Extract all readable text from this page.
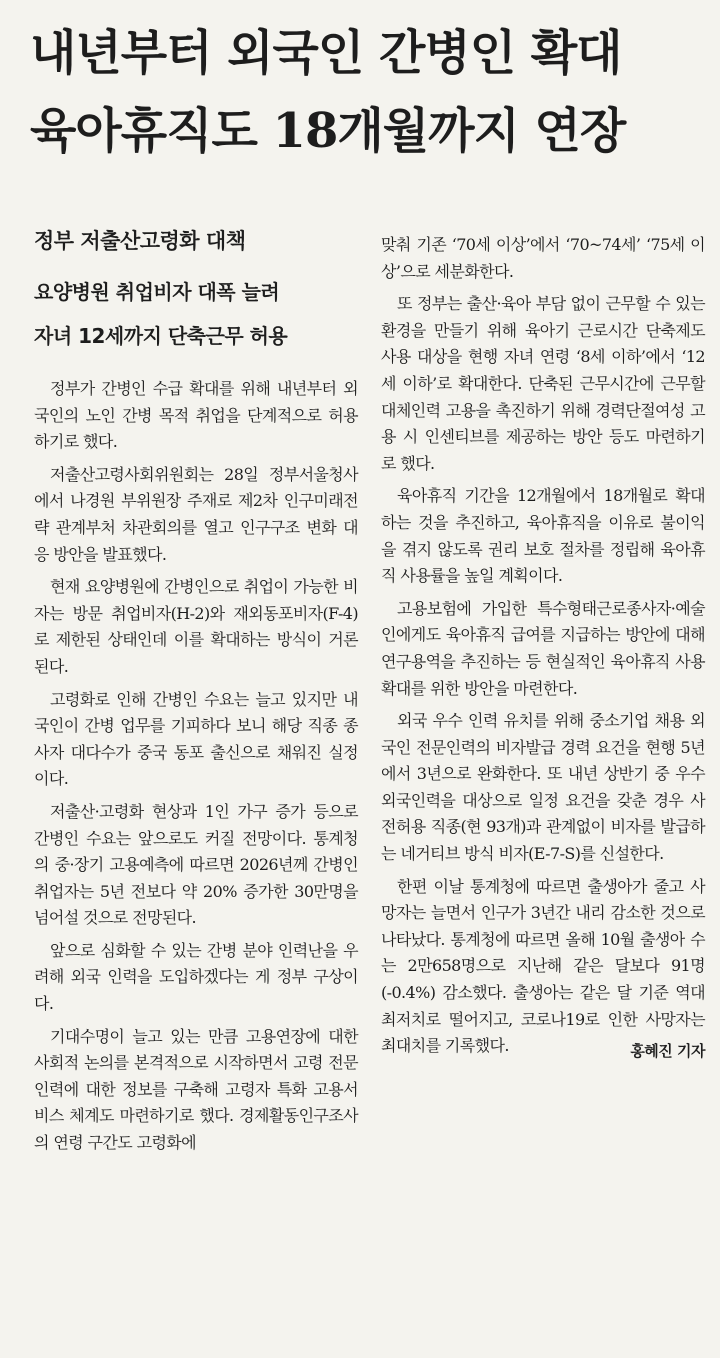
내년부터 외국인 간병인 확대
육아휴직도 18개월까지 연장
정부 저출산고령화 대책
요양병원 취업비자 대폭 늘려
자녀 12세까지 단축근무 허용

정부가 간병인 수급 확대를 위해 내년부터 외국인의 노인 간병 목적 취업을 단계적으로 허용하기로 했다.

저출산고령사회위원회는 28일 정부서울청사에서 나경원 부위원장 주재로 제2차 인구미래전략 관계부처 차관회의를 열고 인구구조 변화 대응 방안을 발표했다.

현재 요양병원에 간병인으로 취업이 가능한 비자는 방문 취업비자(H-2)와 재외동포비자(F-4)로 제한된 상태인데 이를 확대하는 방식이 거론된다.

고령화로 인해 간병인 수요는 늘고 있지만 내국인이 간병 업무를 기피하다 보니 해당 직종 종사자 대다수가 중국 동포 출신으로 채워진 실정이다.

저출산·고령화 현상과 1인 가구 증가 등으로 간병인 수요는 앞으로도 커질 전망이다. 통계청의 중·장기 고용예측에 따르면 2026년께 간병인 취업자는 5년 전보다 약 20% 증가한 30만명을 넘어설 것으로 전망된다.

앞으로 심화할 수 있는 간병 분야 인력난을 우려해 외국 인력을 도입하겠다는 게 정부 구상이다.

기대수명이 늘고 있는 만큼 고용연장에 대한 사회적 논의를 본격적으로 시작하면서 고령 전문 인력에 대한 정보를 구축해 고령자 특화 고용서비스 체계도 마련하기로 했다. 경제활동인구조사의 연령 구간도 고령화에

맞춰 기존 ‘70세 이상’에서 ‘70~74세’ ‘75세 이상’으로 세분화한다.

또 정부는 출산·육아 부담 없이 근무할 수 있는 환경을 만들기 위해 육아기 근로시간 단축제도 사용 대상을 현행 자녀 연령 ‘8세 이하’에서 ‘12세 이하’로 확대한다. 단축된 근무시간에 근무할 대체인력 고용을 촉진하기 위해 경력단절여성 고용 시 인센티브를 제공하는 방안 등도 마련하기로 했다.

육아휴직 기간을 12개월에서 18개월로 확대하는 것을 추진하고, 육아휴직을 이유로 불이익을 겪지 않도록 권리 보호 절차를 정립해 육아휴직 사용률을 높일 계획이다.

고용보험에 가입한 특수형태근로종사자·예술인에게도 육아휴직 급여를 지급하는 방안에 대해 연구용역을 추진하는 등 현실적인 육아휴직 사용 확대를 위한 방안을 마련한다.

외국 우수 인력 유치를 위해 중소기업 채용 외국인 전문인력의 비자발급 경력 요건을 현행 5년에서 3년으로 완화한다. 또 내년 상반기 중 우수 외국인력을 대상으로 일정 요건을 갖춘 경우 사전허용 직종(현 93개)과 관계없이 비자를 발급하는 네거티브 방식 비자(E-7-S)를 신설한다.

한편 이날 통계청에 따르면 출생아가 줄고 사망자는 늘면서 인구가 3년간 내리 감소한 것으로 나타났다. 통계청에 따르면 올해 10월 출생아 수는 2만658명으로 지난해 같은 달보다 91명(-0.4%) 감소했다. 출생아는 같은 달 기준 역대 최저치로 떨어지고, 코로나19로 인한 사망자는 최대치를 기록했다.	홍혜진 기자
